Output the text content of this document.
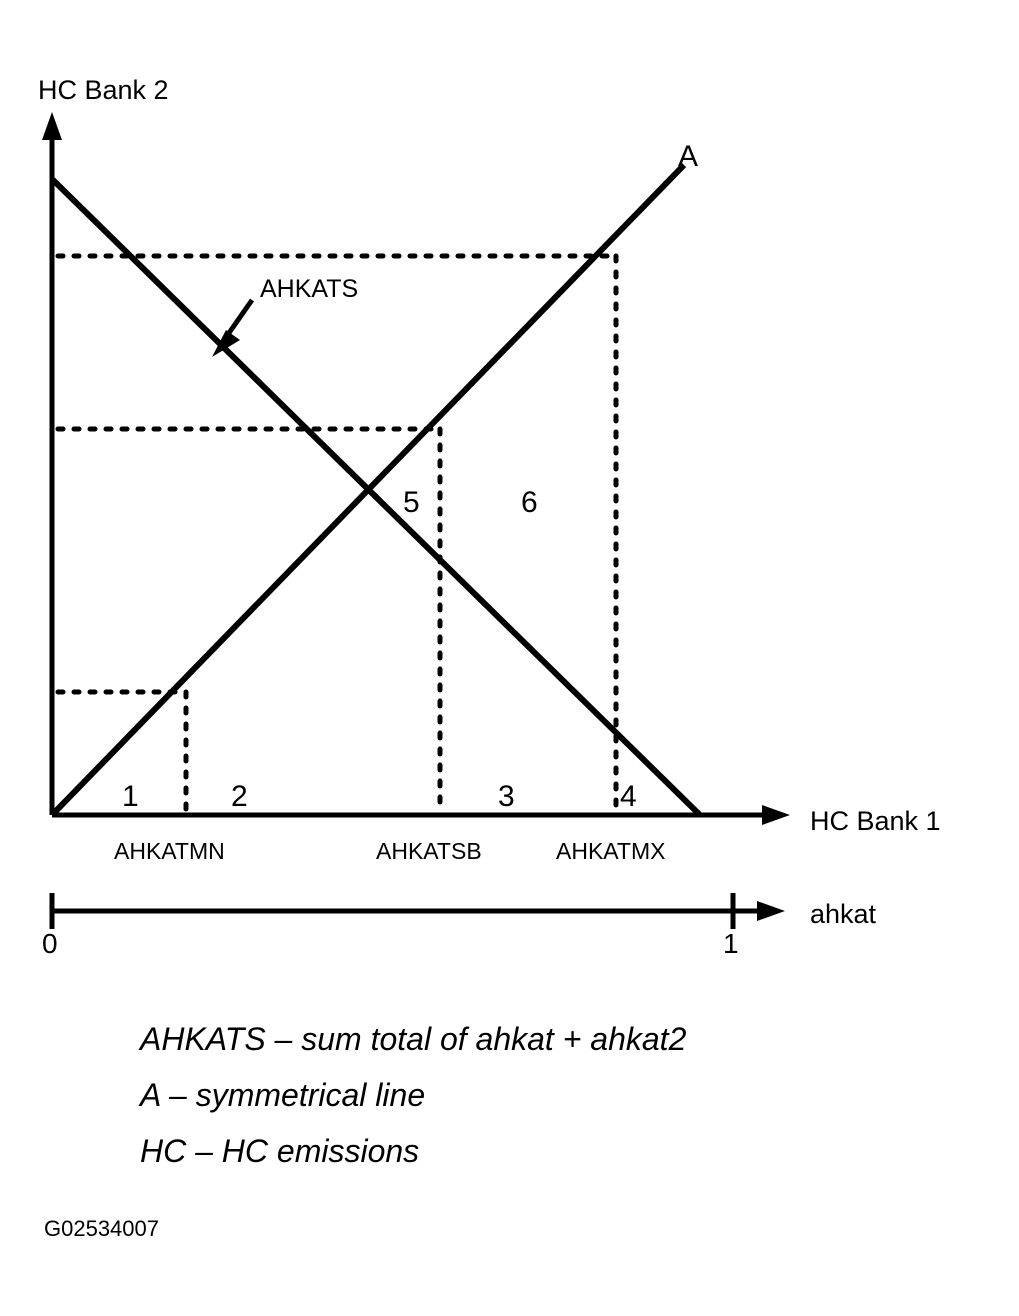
HC Bank 2
HC Bank 1
ahkat
AHKATS
A
AHKATMN	AHKATSB	AHKATMX
1	2	3	4
5	6
0	1
AHKATS – sum total of ahkat + ahkat2
A – symmetrical line
HC – HC emissions
G02534007
